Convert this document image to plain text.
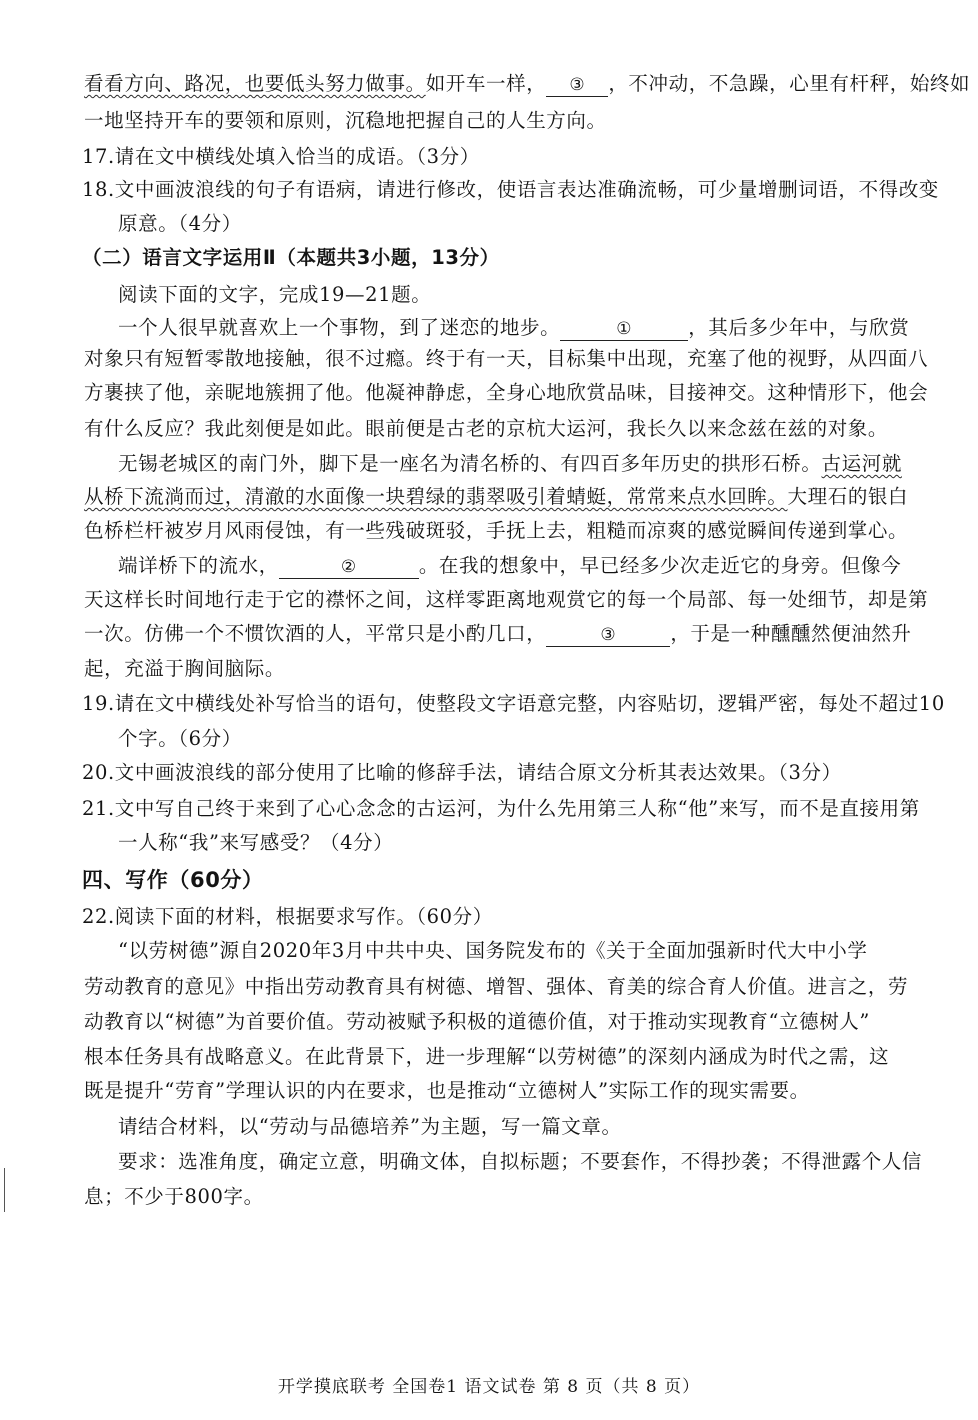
看看方向、路况，也要低头努力做事。如开车一样， ③ ，不冲动，不急躁，心里有杆秤，始终如
一地坚持开车的要领和原则，沉稳地把握自己的人生方向。
17.请在文中横线处填入恰当的成语。（3分）
18.文中画波浪线的句子有语病，请进行修改，使语言表达准确流畅，可少量增删词语，不得改变
原意。（4分）
（二）语言文字运用Ⅱ（本题共3小题，13分）
阅读下面的文字，完成19—21题。
一个人很早就喜欢上一个事物，到了迷恋的地步。	①	，其后多少年中，与欣赏
对象只有短暂零散地接触，很不过瘾。终于有一天，目标集中出现，充塞了他的视野，从四面八
方裹挟了他，亲昵地簇拥了他。他凝神静虑，全身心地欣赏品味，目接神交。这种情形下，他会
有什么反应？我此刻便是如此。眼前便是古老的京杭大运河，我长久以来念兹在兹的对象。
无锡老城区的南门外，脚下是一座名为清名桥的、有四百多年历史的拱形石桥。古运河就
从桥下流淌而过，清澈的水面像一块碧绿的翡翠吸引着蜻蜓，常常来点水回眸。大理石的银白
色桥栏杆被岁月风雨侵蚀，有一些残破斑驳，手抚上去，粗糙而凉爽的感觉瞬间传递到掌心。
端详桥下的流水，	②	。在我的想象中，早已经多少次走近它的身旁。但像今
天这样长时间地行走于它的襟怀之间，这样零距离地观赏它的每一个局部、每一处细节，却是第
一次。仿佛一个不惯饮酒的人，平常只是小酌几口，	③	，于是一种醺醺然便油然升
起，充溢于胸间脑际。
19.请在文中横线处补写恰当的语句，使整段文字语意完整，内容贴切，逻辑严密，每处不超过10
个字。（6分）
20.文中画波浪线的部分使用了比喻的修辞手法，请结合原文分析其表达效果。（3分）
21.文中写自己终于来到了心心念念的古运河，为什么先用第三人称“他”来写，而不是直接用第
一人称“我”来写感受？（4分）
四、写作（60分）
22.阅读下面的材料，根据要求写作。（60分）
“以劳树德”源自2020年3月中共中央、国务院发布的《关于全面加强新时代大中小学
劳动教育的意见》中指出劳动教育具有树德、增智、强体、育美的综合育人价值。进言之，劳
动教育以“树德”为首要价值。劳动被赋予积极的道德价值，对于推动实现教育“立德树人”
根本任务具有战略意义。在此背景下，进一步理解“以劳树德”的深刻内涵成为时代之需，这
既是提升“劳育”学理认识的内在要求，也是推动“立德树人”实际工作的现实需要。
请结合材料，以“劳动与品德培养”为主题，写一篇文章。
要求：选准角度，确定立意，明确文体，自拟标题；不要套作，不得抄袭；不得泄露个人信
息；不少于800字。
开学摸底联考 全国卷1 语文试卷 第 8 页（共 8 页）
